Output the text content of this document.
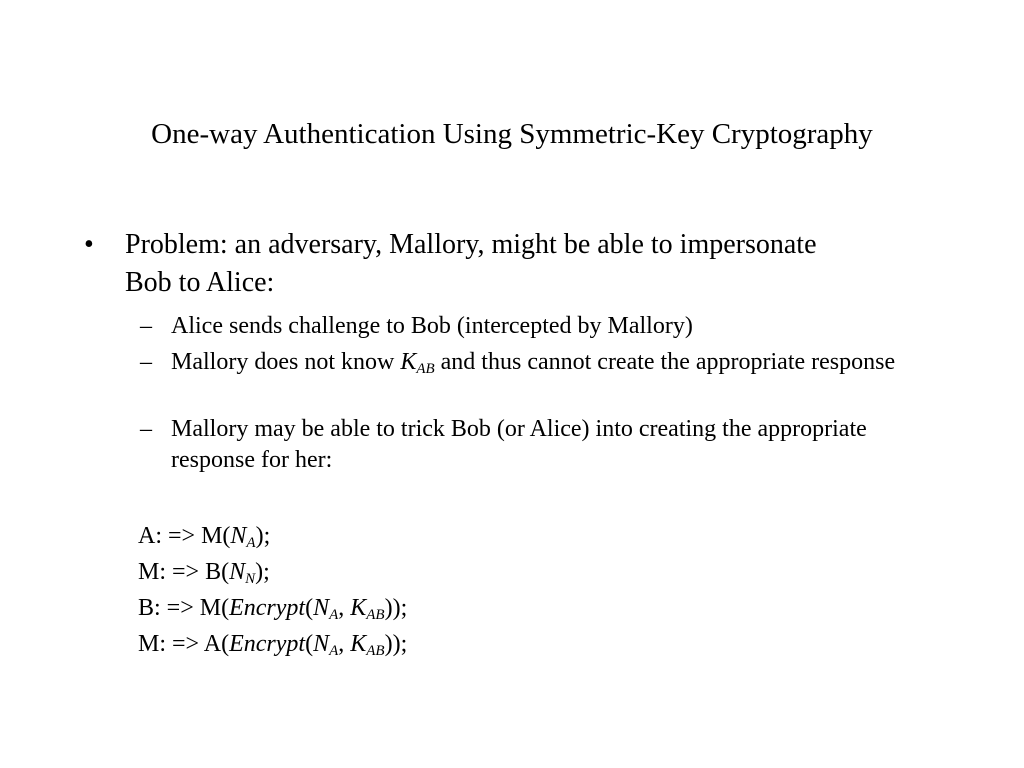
One-way Authentication Using Symmetric-Key Cryptography
• Problem: an adversary, Mallory, might be able to impersonate Bob to Alice:
– Alice sends challenge to Bob (intercepted by Mallory)
– Mallory does not know $K_{AB}$ and thus cannot create the appropriate response
– Mallory may be able to trick Bob (or Alice) into creating the appropriate response for her:
A: => $M(N_A)$;
M: => $B(N_N)$;
B: => $M(Encrypt(N_A$, $K_{AB}$));
M: => $A(Encrypt(N_A$, $K_{AB}$));
